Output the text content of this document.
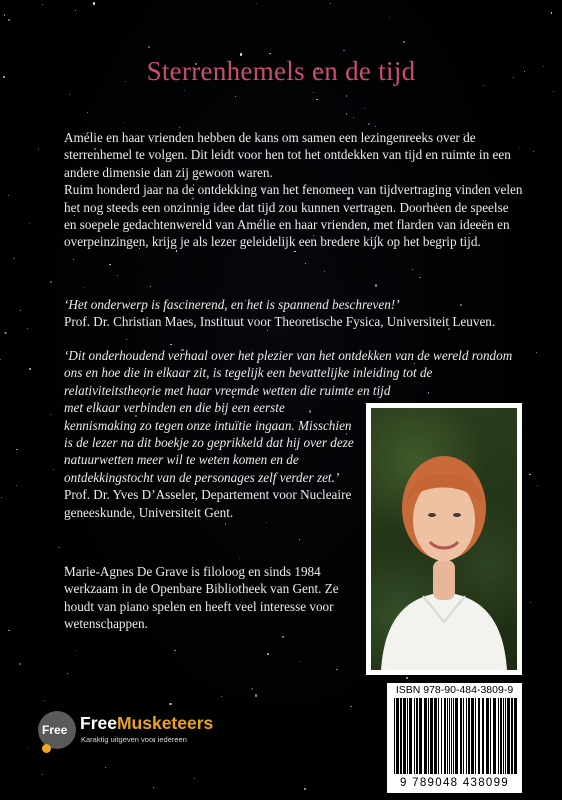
Sterrenhemels en de tijd

Amélie en haar vrienden hebben de kans om samen een lezingenreeks over de sterrenhemel te volgen. Dit leidt voor hen tot het ontdekken van tijd en ruimte in een andere dimensie dan zij gewoon waren.
Ruim honderd jaar na de ontdekking van het fenomeen van tijdvertraging vinden velen het nog steeds een onzinnig idee dat tijd zou kunnen vertragen. Doorheen de speelse en soepele gedachtenwereld van Amélie en haar vrienden, met flarden van ideeën en overpeinzingen, krijg je als lezer geleidelijk een bredere kijk op het begrip tijd.

‘Het onderwerp is fascinerend, en het is spannend beschreven!’
Prof. Dr. Christian Maes, Instituut voor Theoretische Fysica, Universiteit Leuven.
‘Dit onderhoudend verhaal over het plezier van het ontdekken van de wereld rondom ons en hoe die in elkaar zit, is tegelijk een bevattelijke inleiding tot de relativiteitstheorie met haar vreemde wetten die ruimte en tijd
met elkaar verbinden en die bij een eerste kennismaking zo tegen onze intuïtie ingaan. Misschien is de lezer na dit boekje zo geprikkeld dat hij over deze natuurwetten meer wil te weten komen en de ontdekkingstocht van de personages zelf verder zet.’
Prof. Dr. Yves D’Asseler, Departement voor Nucleaire geneeskunde, Universiteit Gent.
Marie-Agnes De Grave is filoloog en sinds 1984 werkzaam in de Openbare Bibliotheek van Gent. Ze houdt van piano spelen en heeft veel interesse voor wetenschappen.
ISBN 978-90-484-3809-9
9 789048 438099
Free FreeMusketeers
Karaktig uitgeven voor iedereen
